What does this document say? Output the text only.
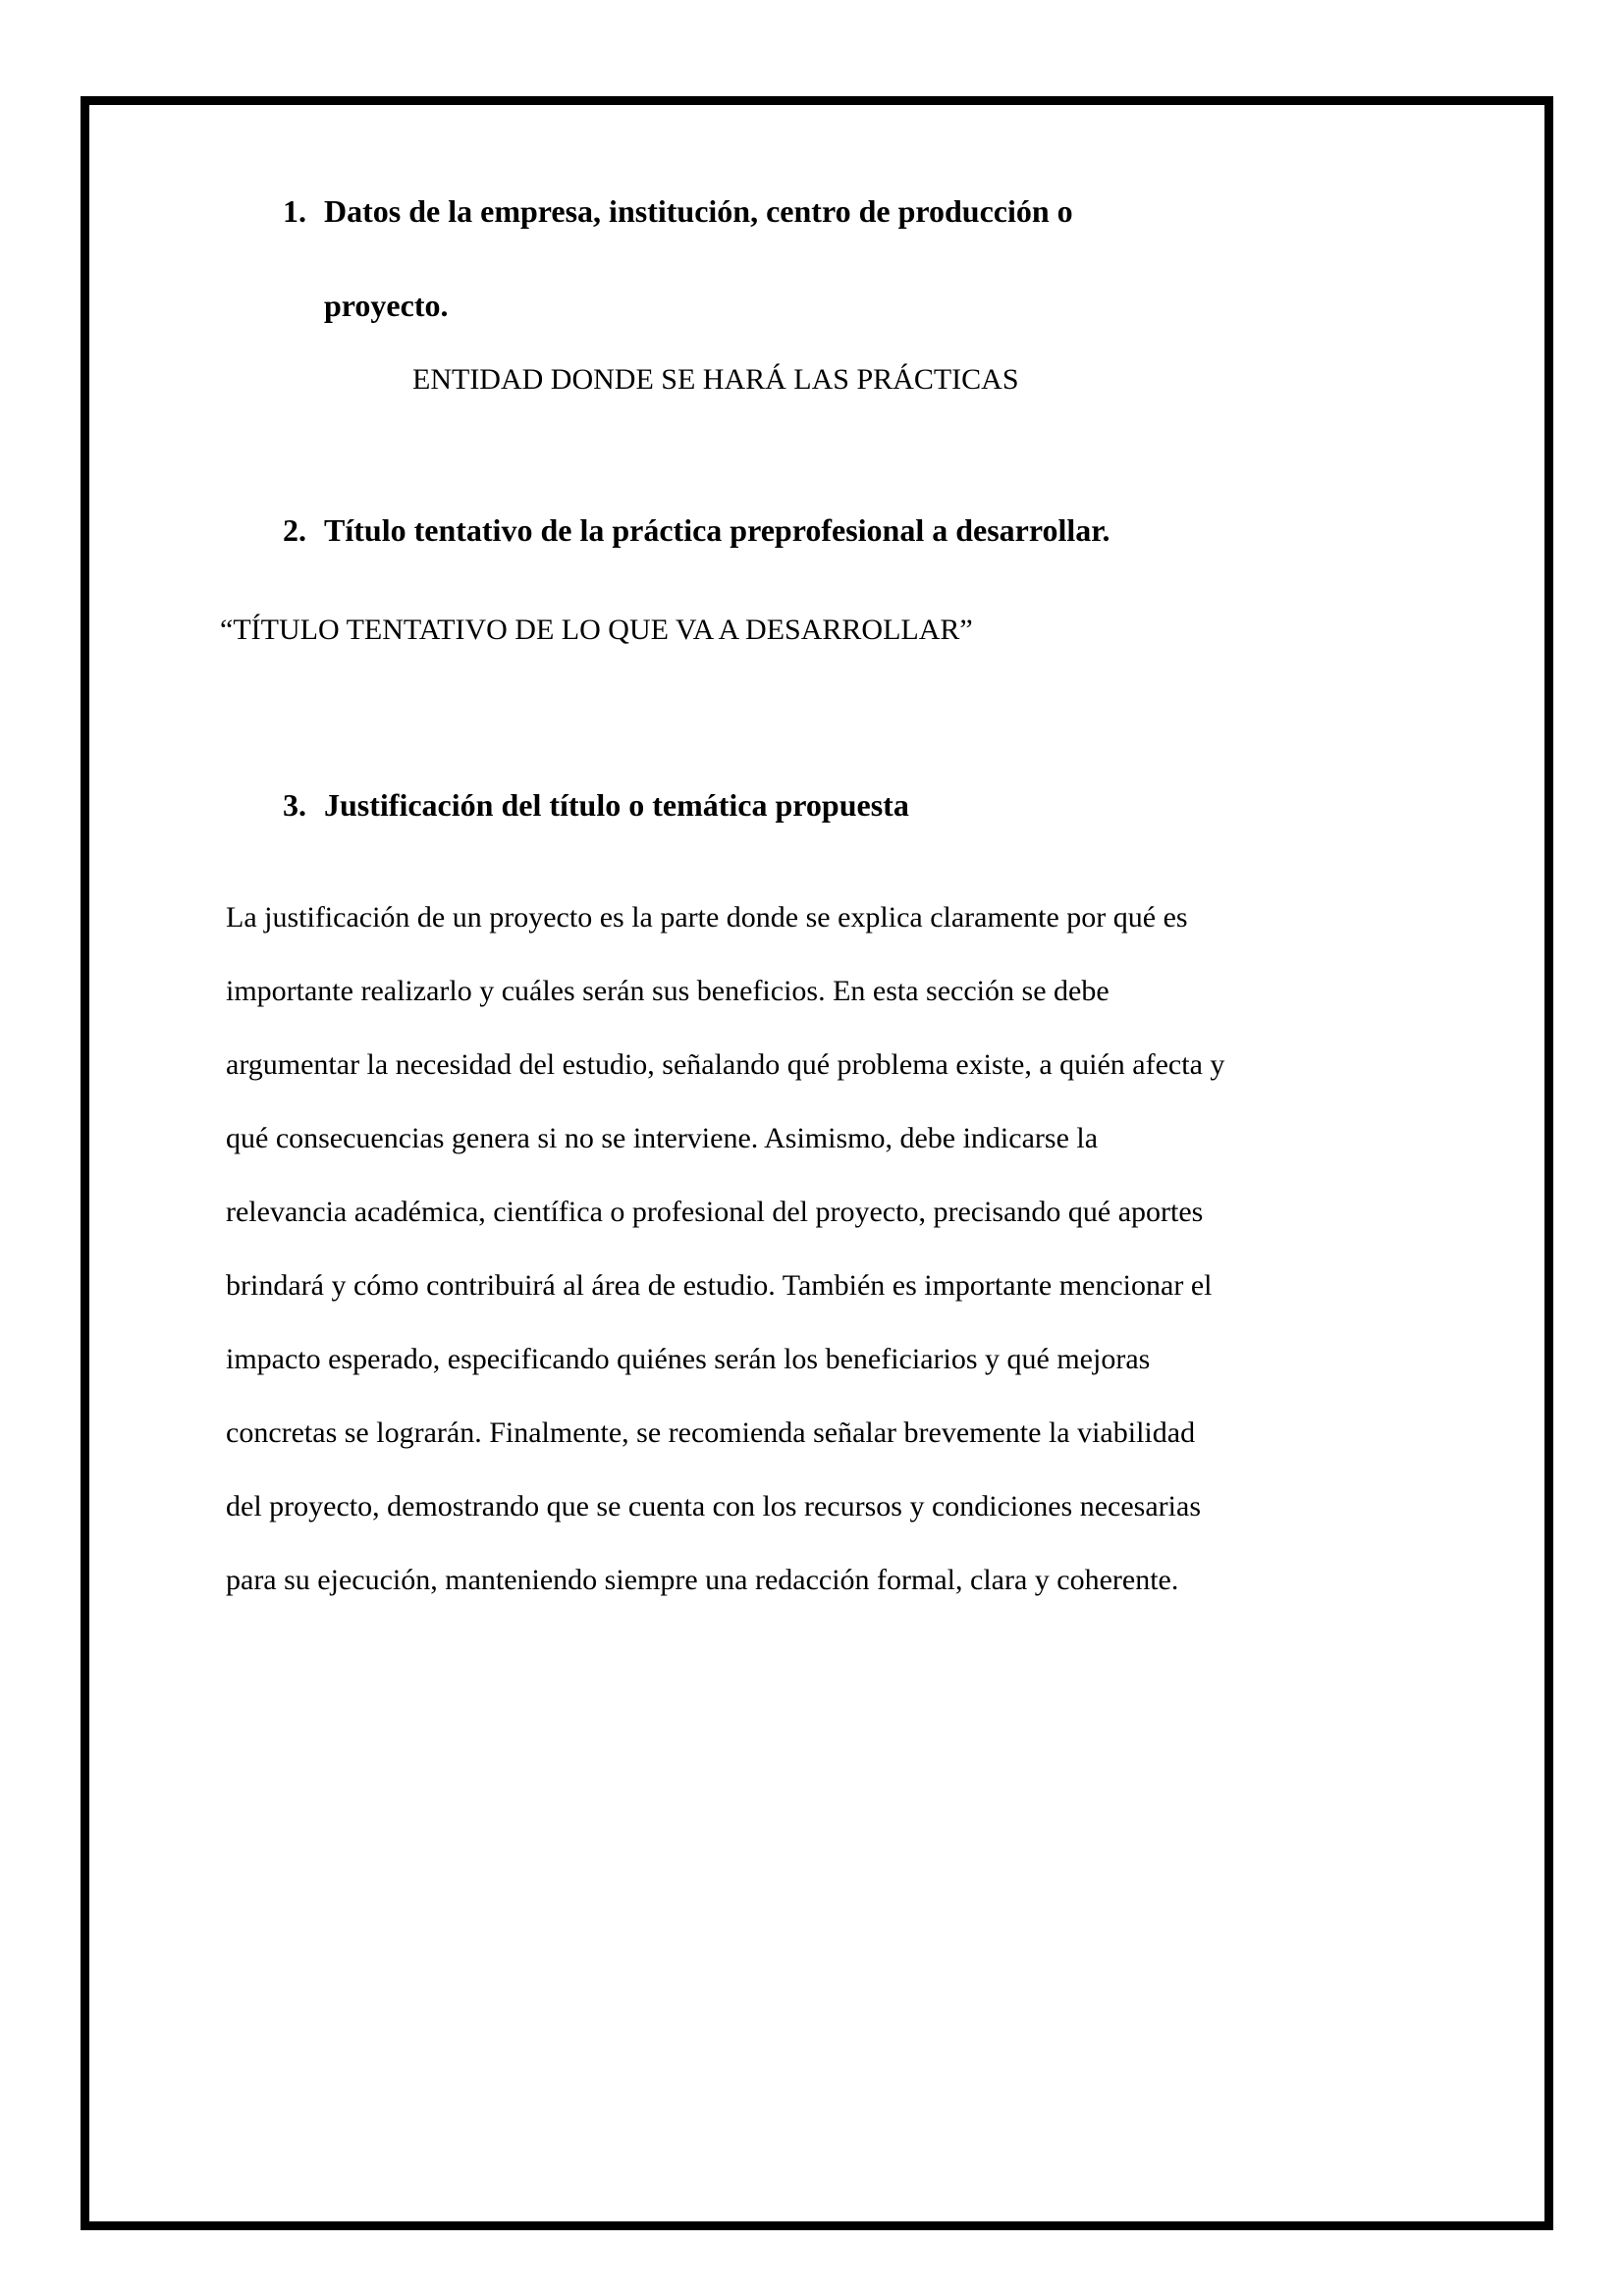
1. Datos de la empresa, institución, centro de producción o
proyecto.
ENTIDAD DONDE SE HARÁ LAS PRÁCTICAS
2. Título tentativo de la práctica preprofesional a desarrollar.
“TÍTULO TENTATIVO DE LO QUE VA A DESARROLLAR”
3. Justificación del título o temática propuesta
La justificación de un proyecto es la parte donde se explica claramente por qué es
importante realizarlo y cuáles serán sus beneficios. En esta sección se debe
argumentar la necesidad del estudio, señalando qué problema existe, a quién afecta y
qué consecuencias genera si no se interviene. Asimismo, debe indicarse la
relevancia académica, científica o profesional del proyecto, precisando qué aportes
brindará y cómo contribuirá al área de estudio. También es importante mencionar el
impacto esperado, especificando quiénes serán los beneficiarios y qué mejoras
concretas se lograrán. Finalmente, se recomienda señalar brevemente la viabilidad
del proyecto, demostrando que se cuenta con los recursos y condiciones necesarias
para su ejecución, manteniendo siempre una redacción formal, clara y coherente.
